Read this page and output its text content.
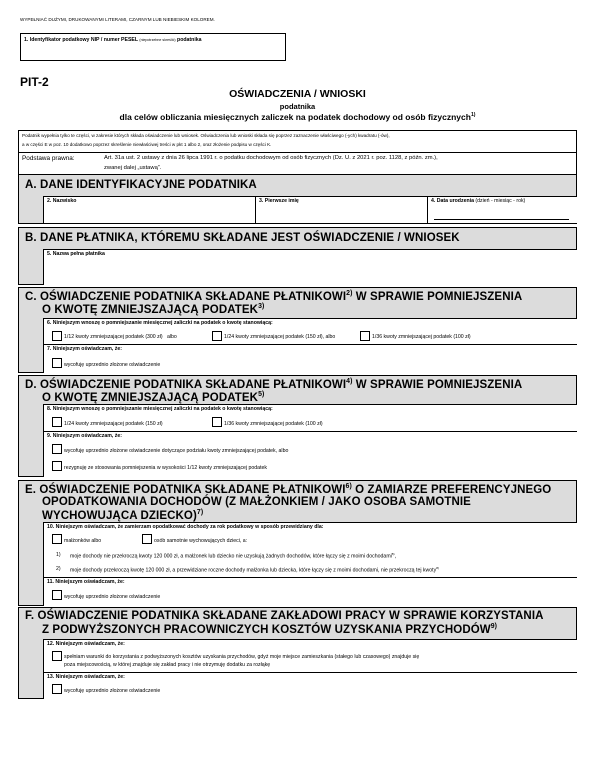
WYPEŁNIAĆ DUŻYMI, DRUKOWANYMI LITERAMI, CZARNYM LUB NIEBIESKIM KOLOREM.
1. Identyfikator podatkowy NIP / numer PESEL (niepotrzebne skreślić) podatnika
PIT-2
OŚWIADCZENIA / WNIOSKI
podatnika
dla celów obliczania miesięcznych zaliczek na podatek dochodowy od osób fizycznych$^{1)}$
Podatnik wypełnia tylko te części, w zakresie których składa oświadczenie lub wniosek. Oświadczenia lub wnioski składa się poprzez zaznaczenie właściwego (-ych) kwadratu (-ów),
a w części E w poz. 10 dodatkowo poprzez skreślenie niewłaściwej treści w pkt 1 albo 2, oraz złożenie podpisu w części K.
Podstawa prawna:	Art. 31a ust. 2 ustawy z dnia 26 lipca 1991 r. o podatku dochodowym od osób fizycznych (Dz. U. z 2021 r. poz. 1128, z późn. zm.),
zwanej dalej „ustawą”.
A. DANE IDENTYFIKACYJNE PODATNIKA
2. Nazwisko	3. Pierwsze imię	4. Data urodzenia (dzień - miesiąc - rok)
B. DANE PŁATNIKA, KTÓREMU SKŁADANE JEST OŚWIADCZENIE / WNIOSEK
5. Nazwa pełna płatnika
C. OŚWIADCZENIE PODATNIKA SKŁADANE PŁATNIKOWI$^{2)}$ W SPRAWIE POMNIEJSZENIA
O KWOTĘ ZMNIEJSZAJĄCĄ PODATEK$^{3)}$
6. Niniejszym wnoszę o pomniejszanie miesięcznej zaliczki na podatek o kwotę stanowiącą:
1/12 kwoty zmniejszającej podatek (300 zł) albo	1/24 kwoty zmniejszającej podatek (150 zł), albo	1/36 kwoty zmniejszającej podatek (100 zł)
7. Niniejszym oświadczam, że:
wycofuję uprzednio złożone oświadczenie
D. OŚWIADCZENIE PODATNIKA SKŁADANE PŁATNIKOWI$^{4)}$ W SPRAWIE POMNIEJSZENIA
O KWOTĘ ZMNIEJSZAJĄCĄ PODATEK$^{5)}$
8. Niniejszym wnoszę o pomniejszanie miesięcznej zaliczki na podatek o kwotę stanowiącą:
1/24 kwoty zmniejszającej podatek (150 zł)	1/36 kwoty zmniejszającej podatek (100 zł)
9. Niniejszym oświadczam, że:
wycofuję uprzednio złożone oświadczenie dotyczące podziału kwoty zmniejszającej podatek, albo
rezygnuję ze stosowania pomniejszenia w wysokości 1/12 kwoty zmniejszającej podatek
E. OŚWIADCZENIE PODATNIKA SKŁADANE PŁATNIKOWI$^{6)}$ O ZAMIARZE PREFERENCYJNEGO
OPODATKOWANIA DOCHODÓW (Z MAŁŻONKIEM / JAKO OSOBA SAMOTNIE
WYCHOWUJĄCA DZIECKO)$^{7)}$
10. Niniejszym oświadczam, że zamierzam opodatkować dochody za rok podatkowy w sposób przewidziany dla:
małżonków albo	osób samotnie wychowujących dzieci, a:
1) moje dochody nie przekroczą kwoty 120 000 zł, a małżonek lub dziecko nie uzyskują żadnych dochodów, które łączy się z moimi dochodami$^{8)}$,
2) moje dochody przekroczą kwotę 120 000 zł, a przewidziane roczne dochody małżonka lub dziecka, które łączy się z moimi dochodami, nie przekroczą tej kwoty$^{8)}$
11. Niniejszym oświadczam, że:
wycofuję uprzednio złożone oświadczenie
F. OŚWIADCZENIE PODATNIKA SKŁADANE ZAKŁADOWI PRACY W SPRAWIE KORZYSTANIA
Z PODWYŻSZONYCH PRACOWNICZYCH KOSZTÓW UZYSKANIA PRZYCHODÓW$^{9)}$
12. Niniejszym oświadczam, że:
spełniam warunki do korzystania z podwyższonych kosztów uzyskania przychodów, gdyż moje miejsce zamieszkania (stałego lub czasowego) znajduje się
poza miejscowością, w której znajduje się zakład pracy i nie otrzymuję dodatku za rozłąkę
13. Niniejszym oświadczam, że:
wycofuję uprzednio złożone oświadczenie
